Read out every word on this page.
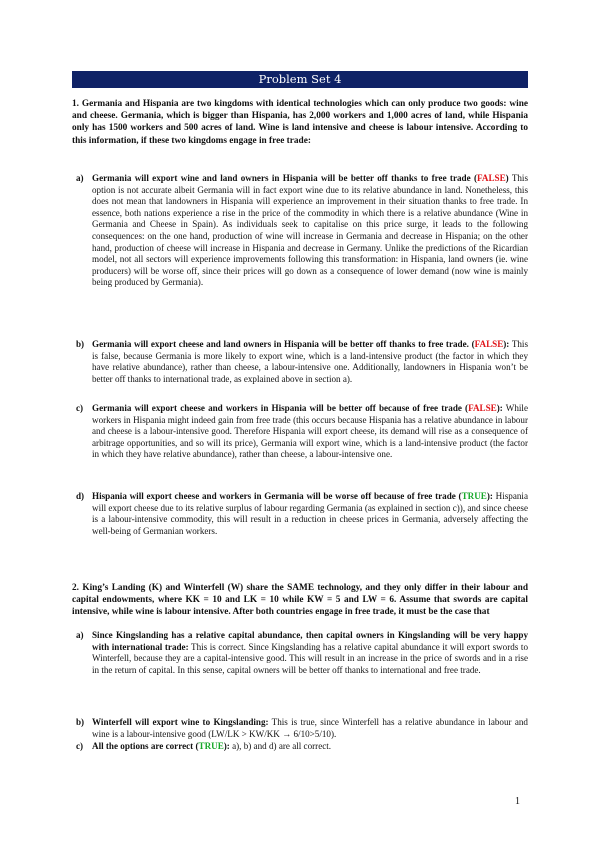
Problem Set 4
1. Germania and Hispania are two kingdoms with identical technologies which can only produce two goods: wine and cheese. Germania, which is bigger than Hispania, has 2,000 workers and 1,000 acres of land, while Hispania only has 1500 workers and 500 acres of land. Wine is land intensive and cheese is labour intensive. According to this information, if these two kingdoms engage in free trade:
a) Germania will export wine and land owners in Hispania will be better off thanks to free trade (FALSE) This option is not accurate albeit Germania will in fact export wine due to its relative abundance in land. Nonetheless, this does not mean that landowners in Hispania will experience an improvement in their situation thanks to free trade. In essence, both nations experience a rise in the price of the commodity in which there is a relative abundance (Wine in Germania and Cheese in Spain). As individuals seek to capitalise on this price surge, it leads to the following consequences: on the one hand, production of wine will increase in Germania and decrease in Hispania; on the other hand, production of cheese will increase in Hispania and decrease in Germany. Unlike the predictions of the Ricardian model, not all sectors will experience improvements following this transformation: in Hispania, land owners (ie. wine producers) will be worse off, since their prices will go down as a consequence of lower demand (now wine is mainly being produced by Germania).
b) Germania will export cheese and land owners in Hispania will be better off thanks to free trade. (FALSE): This is false, because Germania is more likely to export wine, which is a land-intensive product (the factor in which they have relative abundance), rather than cheese, a labour-intensive one. Additionally, landowners in Hispania won’t be better off thanks to international trade, as explained above in section a).
c) Germania will export cheese and workers in Hispania will be better off because of free trade (FALSE): While workers in Hispania might indeed gain from free trade (this occurs because Hispania has a relative abundance in labour and cheese is a labour-intensive good. Therefore Hispania will export cheese, its demand will rise as a consequence of arbitrage opportunities, and so will its price), Germania will export wine, which is a land-intensive product (the factor in which they have relative abundance), rather than cheese, a labour-intensive one.
d) Hispania will export cheese and workers in Germania will be worse off because of free trade (TRUE): Hispania will export cheese due to its relative surplus of labour regarding Germania (as explained in section c)), and since cheese is a labour-intensive commodity, this will result in a reduction in cheese prices in Germania, adversely affecting the well-being of Germanian workers.
2. King’s Landing (K) and Winterfell (W) share the SAME technology, and they only differ in their labour and capital endowments, where KK = 10 and LK = 10 while KW = 5 and LW = 6. Assume that swords are capital intensive, while wine is labour intensive. After both countries engage in free trade, it must be the case that
a) Since Kingslanding has a relative capital abundance, then capital owners in Kingslanding will be very happy with international trade: This is correct. Since Kingslanding has a relative capital abundance it will export swords to Winterfell, because they are a capital-intensive good. This will result in an increase in the price of swords and in a rise in the return of capital. In this sense, capital owners will be better off thanks to international and free trade.
b) Winterfell will export wine to Kingslanding: This is true, since Winterfell has a relative abundance in labour and wine is a labour-intensive good (LW/LK > KW/KK → 6/10>5/10).
c) All the options are correct (TRUE): a), b) and d) are all correct.
1
